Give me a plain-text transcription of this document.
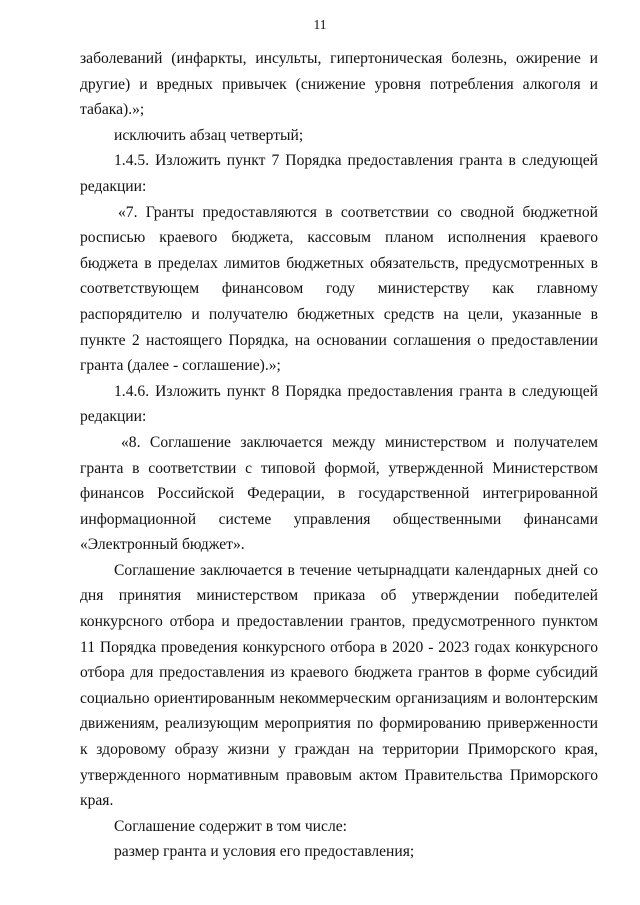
11

заболеваний (инфаркты, инсульты, гипертоническая болезнь, ожирение и другие) и вредных привычек (снижение уровня потребления алкоголя и табака).»;

исключить абзац четвертый;

1.4.5. Изложить пункт 7 Порядка предоставления гранта в следующей редакции:

«7. Гранты предоставляются в соответствии со сводной бюджетной росписью краевого бюджета, кассовым планом исполнения краевого бюджета в пределах лимитов бюджетных обязательств, предусмотренных в соответствующем финансовом году министерству как главному распорядителю и получателю бюджетных средств на цели, указанные в пункте 2 настоящего Порядка, на основании соглашения о предоставлении гранта (далее - соглашение).»;

1.4.6. Изложить пункт 8 Порядка предоставления гранта в следующей редакции:

«8. Соглашение заключается между министерством и получателем гранта в соответствии с типовой формой, утвержденной Министерством финансов Российской Федерации, в государственной интегрированной информационной системе управления общественными финансами «Электронный бюджет».

Соглашение заключается в течение четырнадцати календарных дней со дня принятия министерством приказа об утверждении победителей конкурсного отбора и предоставлении грантов, предусмотренного пунктом 11 Порядка проведения конкурсного отбора в 2020 - 2023 годах конкурсного отбора для предоставления из краевого бюджета грантов в форме субсидий социально ориентированным некоммерческим организациям и волонтерским движениям, реализующим мероприятия по формированию приверженности к здоровому образу жизни у граждан на территории Приморского края, утвержденного нормативным правовым актом Правительства Приморского края.

Соглашение содержит в том числе:

размер гранта и условия его предоставления;
